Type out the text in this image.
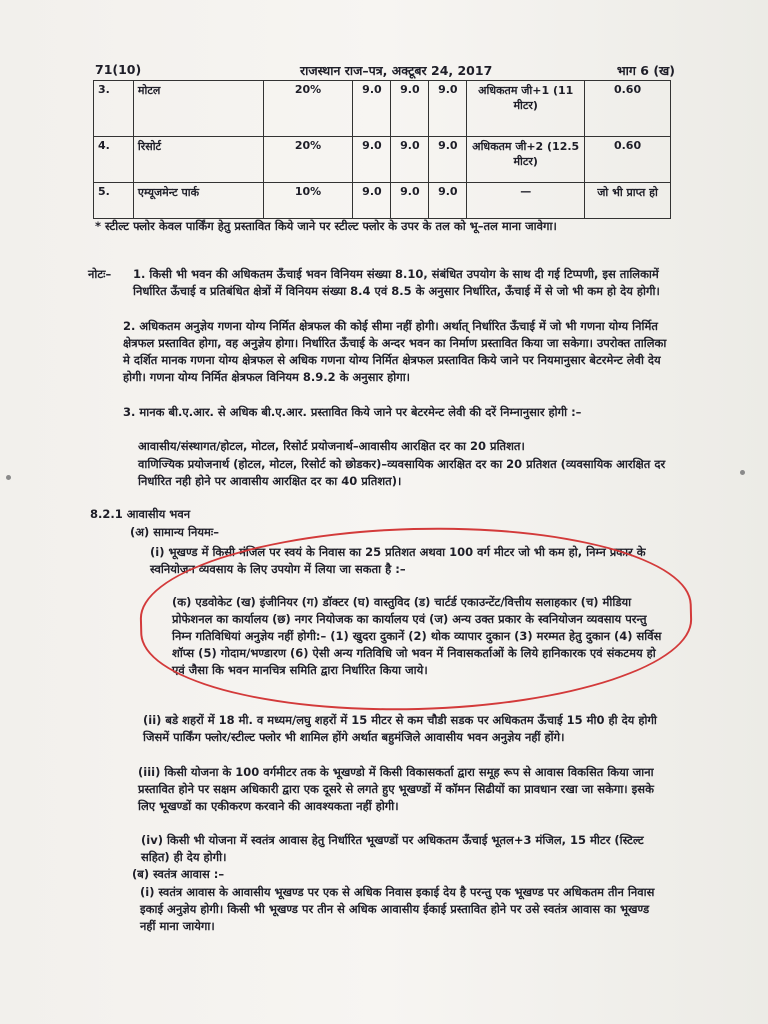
71(10)	राजस्थान राज–पत्र, अक्टूबर 24, 2017	भाग 6 (ख)
3.	मोटल	20%	9.0	9.0	9.0	अधिकतम जी+1 (11 मीटर)	0.60
4.	रिसोर्ट	20%	9.0	9.0	9.0	अधिकतम जी+2 (12.5 मीटर)	0.60
5.	एम्यूजमेन्ट पार्क	10%	9.0	9.0	9.0	—	जो भी प्राप्त हो
* स्टील्ट फ्लोर केवल पार्किंग हेतु प्रस्तावित किये जाने पर स्टील्ट फ्लोर के उपर के तल को भू–तल माना जावेगा।
नोटः–	1. किसी भी भवन की अधिकतम ऊँचाई भवन विनियम संख्या 8.10, संबंधित उपयोग के साथ दी गई टिप्पणी, इस तालिकामें निर्धारित ऊँचाई व प्रतिबंधित क्षेत्रों में विनियम संख्या 8.4 एवं 8.5 के अनुसार निर्धारित, ऊँचाई में से जो भी कम हो देय होगी।
2. अधिकतम अनुज्ञेय गणना योग्य निर्मित क्षेत्रफल की कोई सीमा नहीं होगी। अर्थात् निर्धारित ऊँचाई में जो भी गणना योग्य निर्मित क्षेत्रफल प्रस्तावित होगा, वह अनुज्ञेय होगा। निर्धारित ऊँचाई के अन्दर भवन का निर्माण प्रस्तावित किया जा सकेगा। उपरोक्त तालिका मे दर्शित मानक गणना योग्य क्षेत्रफल से अधिक गणना योग्य निर्मित क्षेत्रफल प्रस्तावित किये जाने पर नियमानुसार बेटरमेन्ट लेवी देय होगी। गणना योग्य निर्मित क्षेत्रफल विनियम 8.9.2 के अनुसार होगा।
3. मानक बी.ए.आर. से अधिक बी.ए.आर. प्रस्तावित किये जाने पर बेटरमेन्ट लेवी की दरें निम्नानुसार होगी :–
आवासीय/संस्थागत/होटल, मोटल, रिसोर्ट प्रयोजनार्थ–आवासीय आरक्षित दर का 20 प्रतिशत।
वाणिज्यिक प्रयोजनार्थ (होटल, मोटल, रिसोर्ट को छोडकर)–व्यवसायिक आरक्षित दर का 20 प्रतिशत (व्यवसायिक आरक्षित दर निर्धारित नही होने पर आवासीय आरक्षित दर का 40 प्रतिशत)।
8.2.1 आवासीय भवन
(अ) सामान्य नियमः–
(i) भूखण्ड में किसी मंजिल पर स्वयं के निवास का 25 प्रतिशत अथवा 100 वर्ग मीटर जो भी कम हो, निम्न प्रकार के स्वनियोजन व्यवसाय के लिए उपयोग में लिया जा सकता है :–
(क) एडवोकेट (ख) इंजीनियर (ग) डॉक्टर (घ) वास्तुविद (ड) चार्टर्ड एकाउन्टेंट/वित्तीय सलाहकार (च) मीडिया प्रोफेशनल का कार्यालय (छ) नगर नियोजक का कार्यालय एवं (ज) अन्य उक्त प्रकार के स्वनियोजन व्यवसाय परन्तु निम्न गतिविधियां अनुज्ञेय नहीं होगी:– (1) खुदरा दुकानें (2) थोक व्यापार दुकान (3) मरम्मत हेतु दुकान (4) सर्विस शॉप्स (5) गोदाम/भण्डारण (6) ऐसी अन्य गतिविधि जो भवन में निवासकर्ताओं के लिये हानिकारक एवं संकटमय हो एवं जैसा कि भवन मानचित्र समिति द्वारा निर्धारित किया जाये।
(ii) बडे शहरों में 18 मी. व मध्यम/लघु शहरों में 15 मीटर से कम चौडी सडक पर अधिकतम ऊँचाई 15 मी0 ही देय होगी जिसमें पार्किंग फ्लोर/स्टील्ट फ्लोर भी शामिल होंगे अर्थात बहुमंजिले आवासीय भवन अनुज्ञेय नहीं होंगे।
(iii) किसी योजना के 100 वर्गमीटर तक के भूखण्डो में किसी विकासकर्ता द्वारा समूह रूप से आवास विकसित किया जाना प्रस्तावित होने पर सक्षम अधिकारी द्वारा एक दूसरे से लगते हुए भूखण्डों में कॉमन सिढीयों का प्रावधान रखा जा सकेगा। इसके लिए भूखण्डों का एकीकरण करवाने की आवश्यकता नहीं होगी।
(iv) किसी भी योजना में स्वतंत्र आवास हेतु निर्धारित भूखण्डों पर अधिकतम ऊँचाई भूतल+3 मंजिल, 15 मीटर (स्टिल्ट सहित) ही देय होगी।
(ब) स्वतंत्र आवास :–
(i) स्वतंत्र आवास के आवासीय भूखण्ड पर एक से अधिक निवास इकाई देय है परन्तु एक भूखण्ड पर अधिकतम तीन निवास इकाई अनुज्ञेय होगी। किसी भी भूखण्ड पर तीन से अधिक आवासीय ईकाई प्रस्तावित होने पर उसे स्वतंत्र आवास का भूखण्ड नहीं माना जायेगा।
